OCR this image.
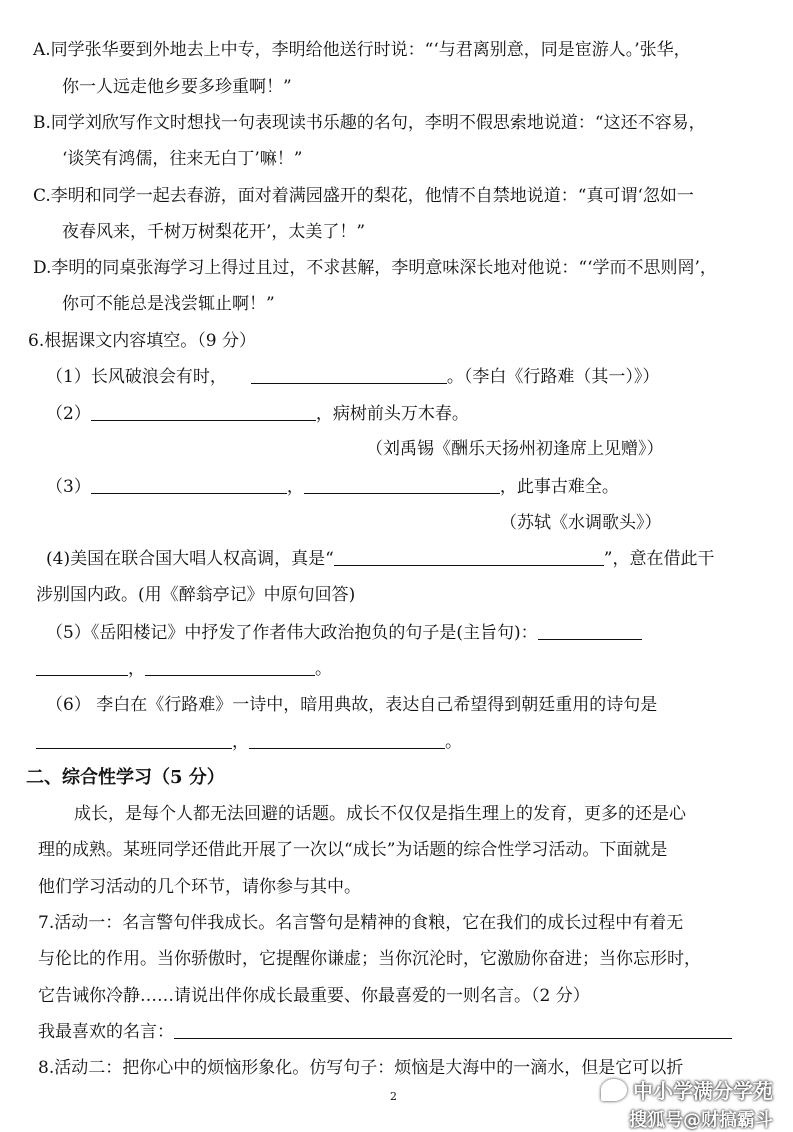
A.同学张华要到外地去上中专，李明给他送行时说：“‘与君离别意，同是宦游人。’张华，
你一人远走他乡要多珍重啊！”
B.同学刘欣写作文时想找一句表现读书乐趣的名句，李明不假思索地说道：“这还不容易，
‘谈笑有鸿儒，往来无白丁’嘛！”
C.李明和同学一起去春游，面对着满园盛开的梨花，他情不自禁地说道：“真可谓‘忽如一
夜春风来，千树万树梨花开’，太美了！”
D.李明的同桌张海学习上得过且过，不求甚解，李明意味深长地对他说：“‘学而不思则罔’，
你可不能总是浅尝辄止啊！”
6.根据课文内容填空。（9 分）
（1）长风破浪会有时，	。（李白《行路难（其一）》）
（2）	，病树前头万木春。
（刘禹锡《酬乐天扬州初逢席上见赠》）
（3）	，	，此事古难全。
（苏轼《水调歌头》）
(4)美国在联合国大唱人权高调，真是“	”，意在借此干
涉别国内政。(用《醉翁亭记》中原句回答)
（5）《岳阳楼记》中抒发了作者伟大政治抱负的句子是(主旨句)：
，	。
（6） 李白在《行路难》一诗中，暗用典故，表达自己希望得到朝廷重用的诗句是
，	。
二、综合性学习（5 分）
成长，是每个人都无法回避的话题。成长不仅仅是指生理上的发育，更多的还是心
理的成熟。某班同学还借此开展了一次以“成长”为话题的综合性学习活动。下面就是
他们学习活动的几个环节，请你参与其中。
7.活动一：名言警句伴我成长。名言警句是精神的食粮，它在我们的成长过程中有着无
与伦比的作用。当你骄傲时，它提醒你谦虚；当你沉沦时，它激励你奋进；当你忘形时，
它告诫你冷静……请说出伴你成长最重要、你最喜爱的一则名言。（2 分）
我最喜欢的名言：
8.活动二：把你心中的烦恼形象化。仿写句子：烦恼是大海中的一滴水，但是它可以折
2	中小学满分学苑
搜狐号@财搞霸斗
